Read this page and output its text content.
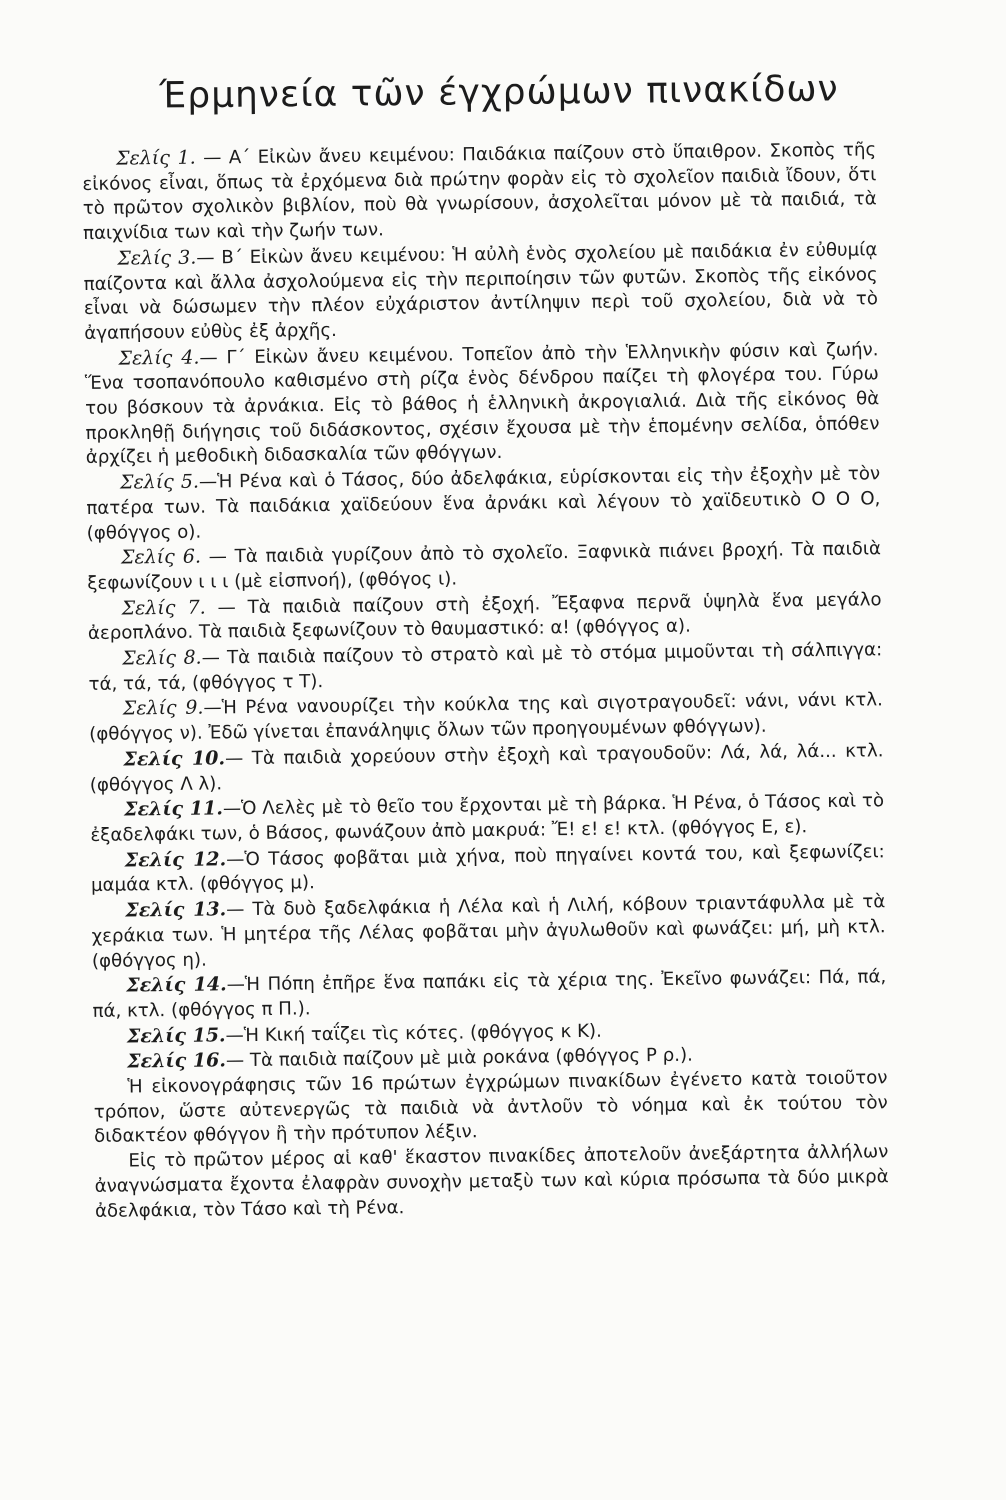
Έρμηνεία τῶν έγχρώμων πινακίδων

Σελίς 1. — Α΄ Εἰκὼν ἄνευ κειμένου: Παιδάκια παίζουν στὸ ὕπαιθρον. Σκοπὸς τῆς εἰκόνος εἶναι, ὅπως τὰ ἐρχόμενα διὰ πρώτην φορὰν εἰς τὸ σχολεῖον παιδιὰ ἴδουν, ὅτι τὸ πρῶτον σχολικὸν βιβλίον, ποὺ θὰ γνωρίσουν, ἀσχολεῖται μόνον μὲ τὰ παιδιά, τὰ παιχνίδια των καὶ τὴν ζωήν των.

Σελίς 3.— Β΄ Εἰκὼν ἄνευ κειμένου: Ἡ αὐλὴ ἑνὸς σχολείου μὲ παιδάκια ἐν εὐθυμίᾳ παίζοντα καὶ ἄλλα ἀσχολούμενα εἰς τὴν περιποίησιν τῶν φυτῶν. Σκοπὸς τῆς εἰκόνος εἶναι νὰ δώσωμεν τὴν πλέον εὐχάριστον ἀντίληψιν περὶ τοῦ σχολείου, διὰ νὰ τὸ ἀγαπήσουν εὐθὺς ἐξ ἀρχῆς.

Σελίς 4.— Γ΄ Εἰκὼν ἄνευ κειμένου. Τοπεῖον ἀπὸ τὴν Ἑλληνικὴν φύσιν καὶ ζωήν. Ἕνα τσοπανόπουλο καθισμένο στὴ ρίζα ἑνὸς δένδρου παίζει τὴ φλογέρα του. Γύρω του βόσκουν τὰ ἀρνάκια. Εἰς τὸ βάθος ἡ ἑλληνικὴ ἀκρογιαλιά. Διὰ τῆς εἰκόνος θὰ προκληθῇ διήγησις τοῦ διδάσκοντος, σχέσιν ἔχουσα μὲ τὴν ἑπομένην σελίδα, ὁπόθεν ἀρχίζει ἡ μεθοδικὴ διδασκαλία τῶν φθόγγων.

Σελίς 5.—Ἡ Ρένα καὶ ὁ Τάσος, δύο ἀδελφάκια, εὑρίσκονται εἰς τὴν ἐξοχὴν μὲ τὸν πατέρα των. Τὰ παιδάκια χαϊδεύουν ἕνα ἀρνάκι καὶ λέγουν τὸ χαϊδευτικὸ Ο Ο Ο, (φθόγγος ο).

Σελίς 6. — Τὰ παιδιὰ γυρίζουν ἀπὸ τὸ σχολεῖο. Ξαφνικὰ πιάνει βροχή. Τὰ παιδιὰ ξεφωνίζουν ι ι ι (μὲ εἰσπνοή), (φθόγος ι).

Σελίς 7. — Τὰ παιδιὰ παίζουν στὴ ἐξοχή. Ἔξαφνα περνᾶ ὑψηλὰ ἕνα μεγάλο ἀεροπλάνο. Τὰ παιδιὰ ξεφωνίζουν τὸ θαυμαστικό: α! (φθόγγος α).

Σελίς 8.— Τὰ παιδιὰ παίζουν τὸ στρατὸ καὶ μὲ τὸ στόμα μιμοῦνται τὴ σάλπιγγα: τά, τά, τά, (φθόγγος τ Τ).

Σελίς 9.—Ἡ Ρένα νανουρίζει τὴν κούκλα της καὶ σιγοτραγουδεῖ: νάνι, νάνι κτλ. (φθόγγος ν). Ἐδῶ γίνεται ἐπανάληψις ὅλων τῶν προηγουμένων φθόγγων).

Σελίς 10.— Τὰ παιδιὰ χορεύουν στὴν ἐξοχὴ καὶ τραγουδοῦν: Λά, λά, λά... κτλ. (φθόγγος Λ λ).

Σελίς 11.—Ὁ Λελὲς μὲ τὸ θεῖο του ἔρχονται μὲ τὴ βάρκα. Ἡ Ρένα, ὁ Τάσος καὶ τὸ ἐξαδελφάκι των, ὁ Βάσος, φωνάζουν ἀπὸ μακρυά: Ἔ! ε! ε! κτλ. (φθόγγος Ε, ε).

Σελίς 12.—Ὁ Τάσος φοβᾶται μιὰ χήνα, ποὺ πηγαίνει κοντά του, καὶ ξεφωνίζει: μαμάα κτλ. (φθόγγος μ).

Σελίς 13.— Τὰ δυὸ ξαδελφάκια ἡ Λέλα καὶ ἡ Λιλή, κόβουν τριαντάφυλλα μὲ τὰ χεράκια των. Ἡ μητέρα τῆς Λέλας φοβᾶται μὴν ἀγυλωθοῦν καὶ φωνάζει: μή, μὴ κτλ. (φθόγγος η).

Σελίς 14.—Ἡ Πόπη ἐπῆρε ἕνα παπάκι εἰς τὰ χέρια της. Ἐκεῖνο φωνάζει: Πά, πά, πά, κτλ. (φθόγγος π Π.).

Σελίς 15.—Ἡ Κική ταΐζει τὶς κότες. (φθόγγος κ Κ).

Σελίς 16.— Τὰ παιδιὰ παίζουν μὲ μιὰ ροκάνα (φθόγγος Ρ ρ.).

Ἡ εἰκονογράφησις τῶν 16 πρώτων ἐγχρώμων πινακίδων ἐγένετο κατὰ τοιοῦτον τρόπον, ὥστε αὐτενεργῶς τὰ παιδιὰ νὰ ἀντλοῦν τὸ νόημα καὶ ἐκ τούτου τὸν διδακτέον φθόγγον ἢ τὴν πρότυπον λέξιν.

Εἰς τὸ πρῶτον μέρος αἱ καθ' ἕκαστον πινακίδες ἀποτελοῦν ἀνεξάρτητα ἀλλήλων ἀναγνώσματα ἔχοντα ἐλαφρὰν συνοχὴν μεταξὺ των καὶ κύρια πρόσωπα τὰ δύο μικρὰ ἀδελφάκια, τὸν Τάσο καὶ τὴ Ρένα.
